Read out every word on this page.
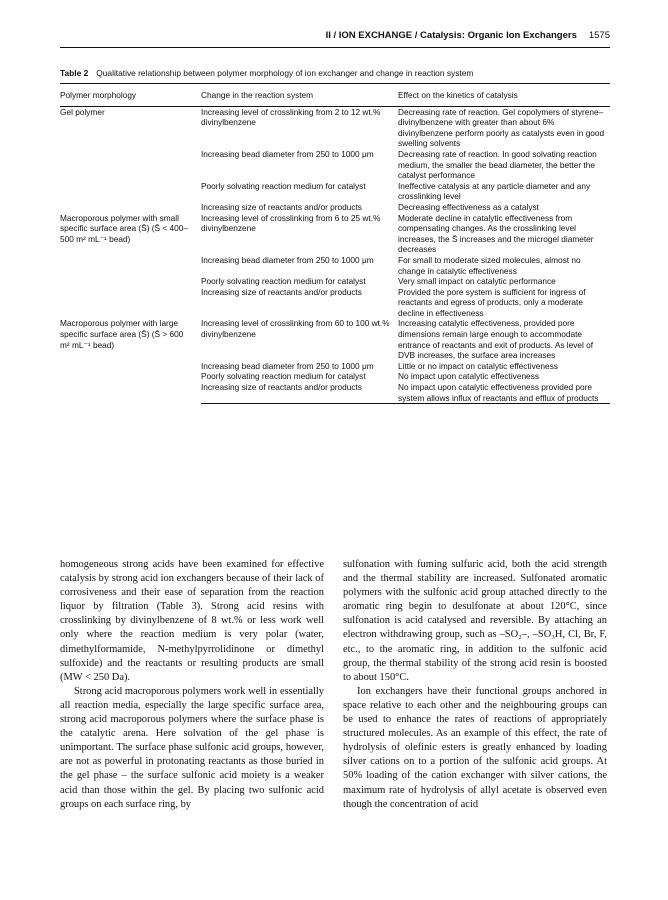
II / ION EXCHANGE / Catalysis: Organic Ion Exchangers 1575
Table 2 Qualitative relationship between polymer morphology of ion exchanger and change in reaction system
Polymer morphology	Change in the reaction system	Effect on the kinetics of catalysis
Gel polymer	Increasing level of crosslinking from 2 to 12 wt.% divinylbenzene	Decreasing rate of reaction. Gel copolymers of styrene–divinylbenzene with greater than about 6% divinylbenzene perform poorly as catalysts even in good swelling solvents
	Increasing bead diameter from 250 to 1000 μm	Decreasing rate of reaction. In good solvating reaction medium, the smaller the bead diameter, the better the catalyst performance
	Poorly solvating reaction medium for catalyst	Ineffective catalysis at any particle diameter and any crosslinking level
	Increasing size of reactants and/or products	Decreasing effectiveness as a catalyst
Macroporous polymer with small specific surface area (S̄) (S̄ < 400–500 m² mL⁻¹ bead)	Increasing level of crosslinking from 6 to 25 wt.% divinylbenzene	Moderate decline in catalytic effectiveness from compensating changes. As the crosslinking level increases, the S̄ increases and the microgel diameter decreases
	Increasing bead diameter from 250 to 1000 μm	For small to moderate sized molecules, almost no change in catalytic effectiveness
	Poorly solvating reaction medium for catalyst	Very small impact on catalytic performance
	Increasing size of reactants and/or products	Provided the pore system is sufficient for ingress of reactants and egress of products, only a moderate decline in effectiveness
Macroporous polymer with large specific surface area (S̄) (S̄ > 600 m² mL⁻¹ bead)	Increasing level of crosslinking from 60 to 100 wt.% divinylbenzene	Increasing catalytic effectiveness, provided pore dimensions remain large enough to accommodate entrance of reactants and exit of products. As level of DVB increases, the surface area increases
	Increasing bead diameter from 250 to 1000 μm	Little or no impact on catalytic effectiveness
	Poorly solvating reaction medium for catalyst	No impact upon catalytic effectiveness
	Increasing size of reactants and/or products	No impact upon catalytic effectiveness provided pore system allows influx of reactants and efflux of products

homogeneous strong acids have been examined for effective catalysis by strong acid ion exchangers because of their lack of corrosiveness and their ease of separation from the reaction liquor by filtration (Table 3). Strong acid resins with crosslinking by divinylbenzene of 8 wt.% or less work well only where the reaction medium is very polar (water, dimethylformamide, N-methylpyrrolidinone or dimethyl sulfoxide) and the reactants or resulting products are small (MW < 250 Da).

Strong acid macroporous polymers work well in essentially all reaction media, especially the large specific surface area, strong acid macroporous polymers where the surface phase is the catalytic arena. Here solvation of the gel phase is unimportant. The surface phase sulfonic acid groups, however, are not as powerful in protonating reactants as those buried in the gel phase – the surface sulfonic acid moiety is a weaker acid than those within the gel. By placing two sulfonic acid groups on each surface ring, by

sulfonation with fuming sulfuric acid, both the acid strength and the thermal stability are increased. Sulfonated aromatic polymers with the sulfonic acid group attached directly to the aromatic ring begin to desulfonate at about 120°C, since sulfonation is acid catalysed and reversible. By attaching an electron withdrawing group, such as –SO₂–, –SO₃H, Cl, Br, F, etc., to the aromatic ring, in addition to the sulfonic acid group, the thermal stability of the strong acid resin is boosted to about 150°C.

Ion exchangers have their functional groups anchored in space relative to each other and the neighbouring groups can be used to enhance the rates of reactions of appropriately structured molecules. As an example of this effect, the rate of hydrolysis of olefinic esters is greatly enhanced by loading silver cations on to a portion of the sulfonic acid groups. At 50% loading of the cation exchanger with silver cations, the maximum rate of hydrolysis of allyl acetate is observed even though the concentration of acid
